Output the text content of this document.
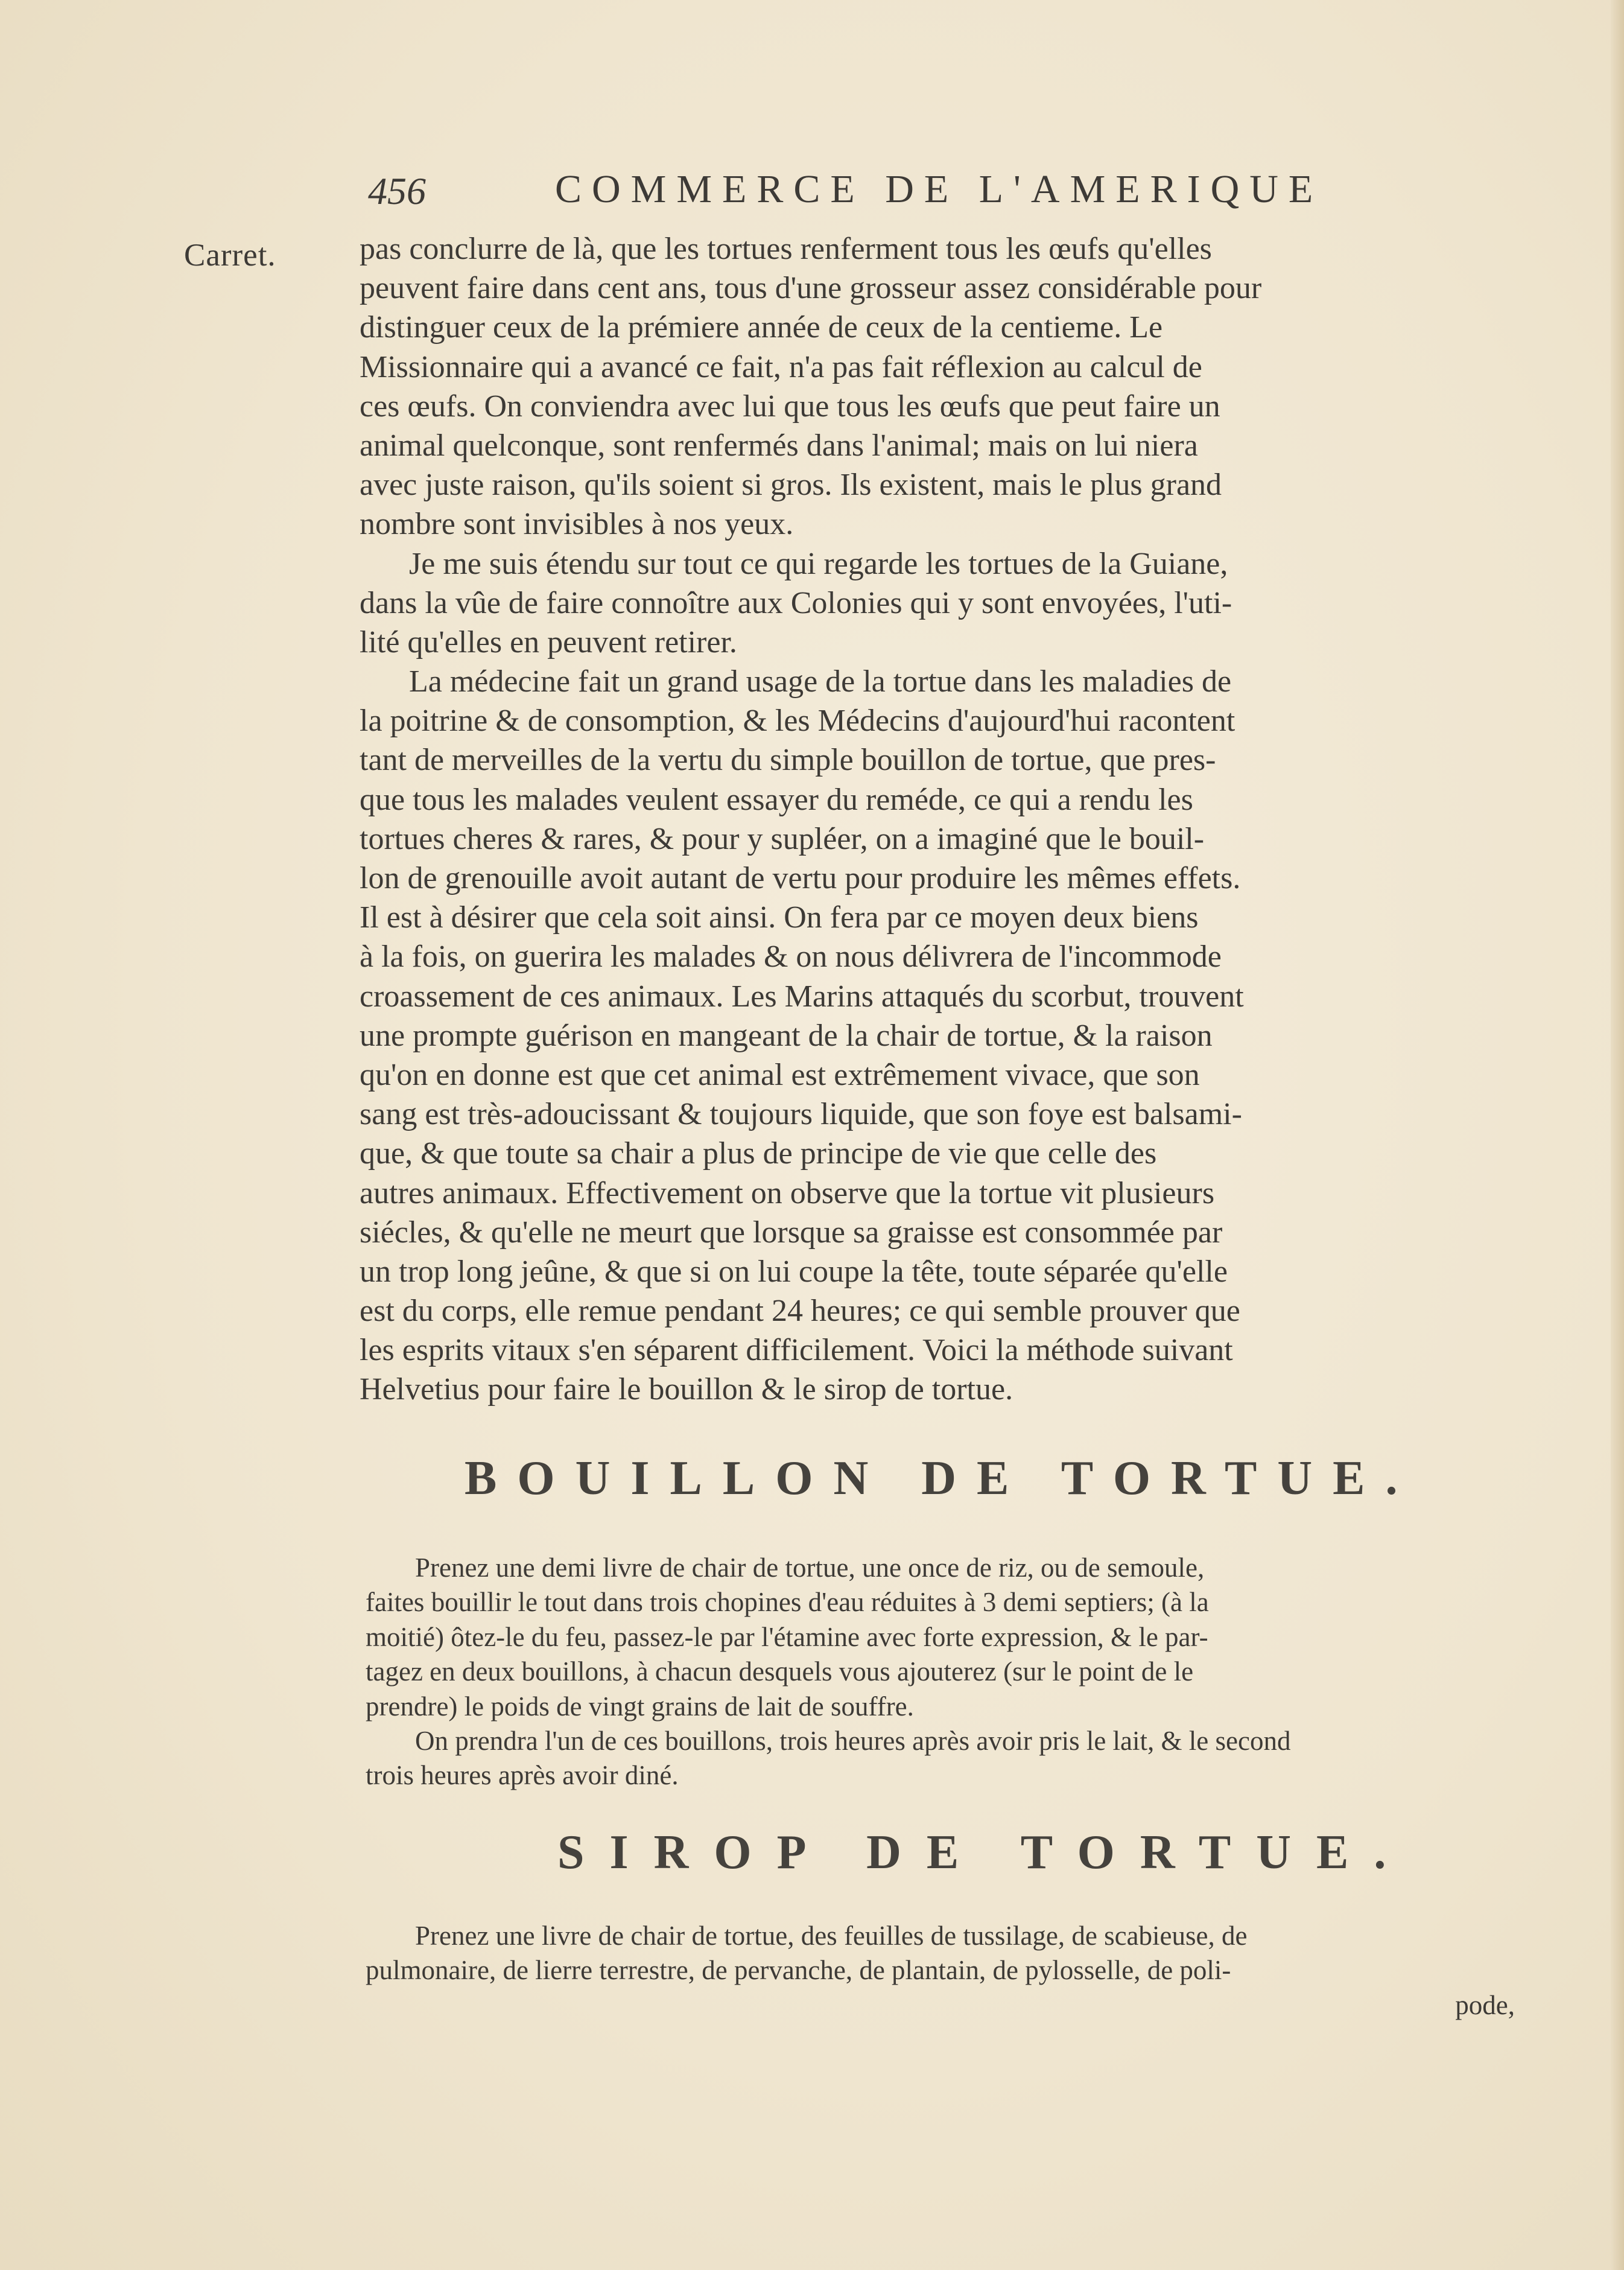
456	COMMERCE DE L'AMERIQUE
Carret.	pas conclurre de là, que les tortues renferment tous les œufs qu'elles
peuvent faire dans cent ans, tous d'une grosseur assez considérable pour
distinguer ceux de la prémiere année de ceux de la centieme. Le
Missionnaire qui a avancé ce fait, n'a pas fait réflexion au calcul de
ces œufs. On conviendra avec lui que tous les œufs que peut faire un
animal quelconque, sont renfermés dans l'animal; mais on lui niera
avec juste raison, qu'ils soient si gros. Ils existent, mais le plus grand
nombre sont invisibles à nos yeux.
Je me suis étendu sur tout ce qui regarde les tortues de la Guiane,
dans la vûe de faire connoître aux Colonies qui y sont envoyées, l'uti-
lité qu'elles en peuvent retirer.
La médecine fait un grand usage de la tortue dans les maladies de
la poitrine & de consomption, & les Médecins d'aujourd'hui racontent
tant de merveilles de la vertu du simple bouillon de tortue, que pres-
que tous les malades veulent essayer du reméde, ce qui a rendu les
tortues cheres & rares, & pour y supléer, on a imaginé que le bouil-
lon de grenouille avoit autant de vertu pour produire les mêmes effets.
Il est à désirer que cela soit ainsi. On fera par ce moyen deux biens
à la fois, on guerira les malades & on nous délivrera de l'incommode
croassement de ces animaux. Les Marins attaqués du scorbut, trouvent
une prompte guérison en mangeant de la chair de tortue, & la raison
qu'on en donne est que cet animal est extrêmement vivace, que son
sang est très-adoucissant & toujours liquide, que son foye est balsami-
que, & que toute sa chair a plus de principe de vie que celle des
autres animaux. Effectivement on observe que la tortue vit plusieurs
siécles, & qu'elle ne meurt que lorsque sa graisse est consommée par
un trop long jeûne, & que si on lui coupe la tête, toute séparée qu'elle
est du corps, elle remue pendant 24 heures; ce qui semble prouver que
les esprits vitaux s'en séparent difficilement. Voici la méthode suivant
Helvetius pour faire le bouillon & le sirop de tortue.
BOUILLON DE TORTUE.
Prenez une demi livre de chair de tortue, une once de riz, ou de semoule,
faites bouillir le tout dans trois chopines d'eau réduites à 3 demi septiers; (à la
moitié) ôtez-le du feu, passez-le par l'étamine avec forte expression, & le par-
tagez en deux bouillons, à chacun desquels vous ajouterez (sur le point de le
prendre) le poids de vingt grains de lait de souffre.
On prendra l'un de ces bouillons, trois heures après avoir pris le lait, & le second
trois heures après avoir diné.
SIROP DE TORTUE.
Prenez une livre de chair de tortue, des feuilles de tussilage, de scabieuse, de
pulmonaire, de lierre terrestre, de pervanche, de plantain, de pylosselle, de poli-
pode,
